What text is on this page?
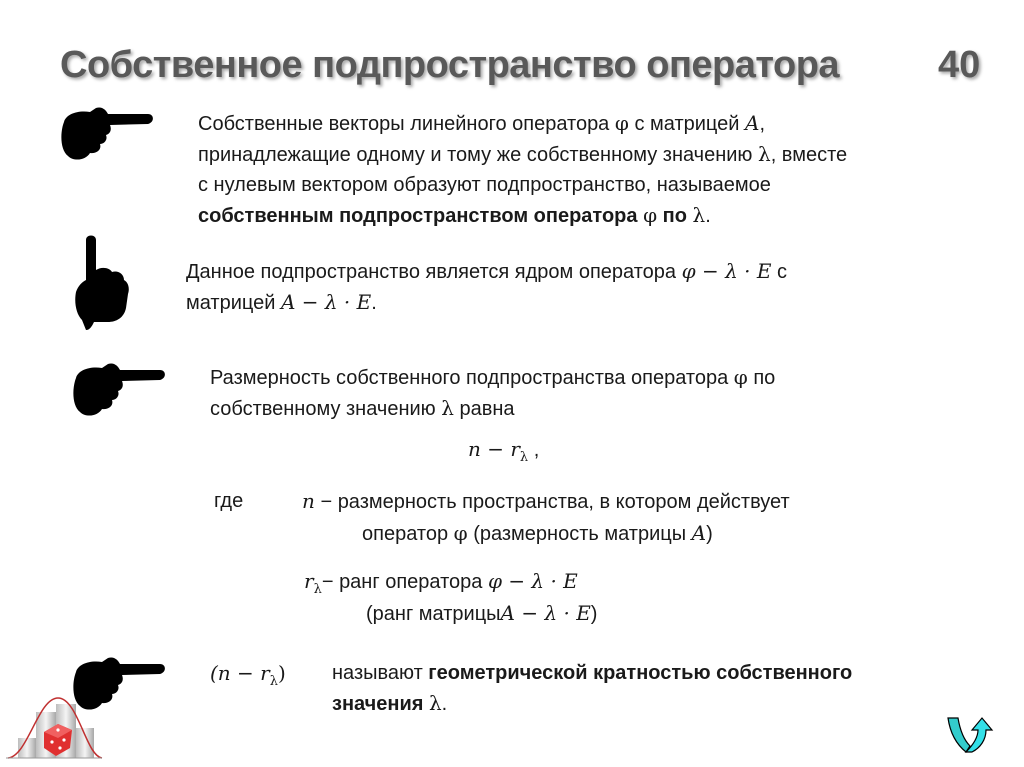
Собственное подпространство оператора	40
Собственные векторы линейного оператора φ с матрицей A,
принадлежащие одному и тому же собственному значению λ, вместе
с нулевым вектором образуют подпространство, называемое
собственным подпространством оператора φ по λ.
Данное подпространство является ядром оператора φ − λ · E с
матрицей A − λ · E.
Размерность собственного подпространства оператора φ по
собственному значению λ равна
$n - r_\lambda$ ,
где	n − размерность пространства, в котором действует
оператор φ (размерность матрицы A)
$r_\lambda-$ ранг оператора φ − λ · E
(ранг матрицыA − λ · E)
$(n - r_\lambda)$ называют геометрической кратностью собственного
значения λ.
